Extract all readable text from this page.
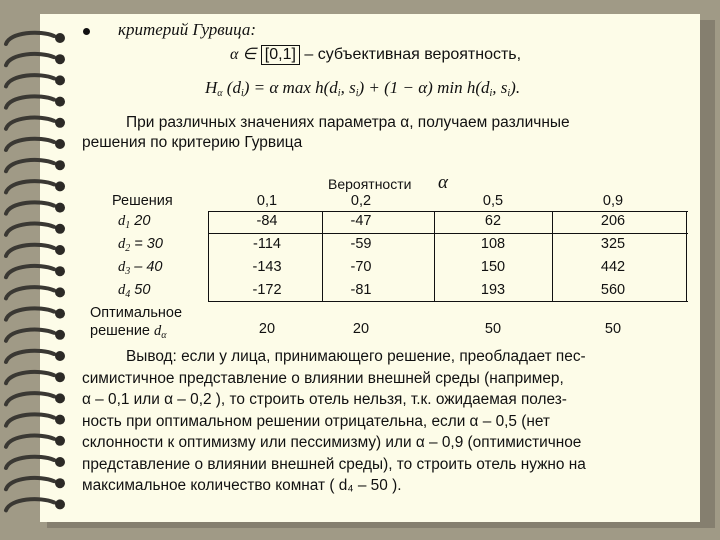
критерий Гурвица:
α ∈ [0,1] – субъективная вероятность,
$H_\alpha$ $(d_i) = \alpha$ $\max h(d_i$, $s_i) + (1 - \alpha)$ $\min h(d_i$, $s_i$).
При различных значениях параметра α, получаем различные
решения по критерию Гурвица
Вероятности α
Решения	0,1	0,2	0,5	0,9
$d_1$ 20	-84	-47	62	206
$d_2 = 30$	-114	-59	108	325
$d_3 - 40$	-143	-70	150	442
$d_4$ 50	-172	-81	193	560
Оптимальное
решение $d_\alpha$	20	20	50	50
Вывод: если у лица, принимающего решение, преобладает пес-
симистичное представление о влиянии внешней среды (например,
α – 0,1 или α – 0,2 ), то строить отель нельзя, т.к. ожидаемая полез-
ность при оптимальном решении отрицательна, если α – 0,5 (нет
склонности к оптимизму или пессимизму) или α – 0,9 (оптимистичное
представление о влиянии внешней среды), то строить отель нужно на
максимальное количество комнат ( d₄ – 50 ).
